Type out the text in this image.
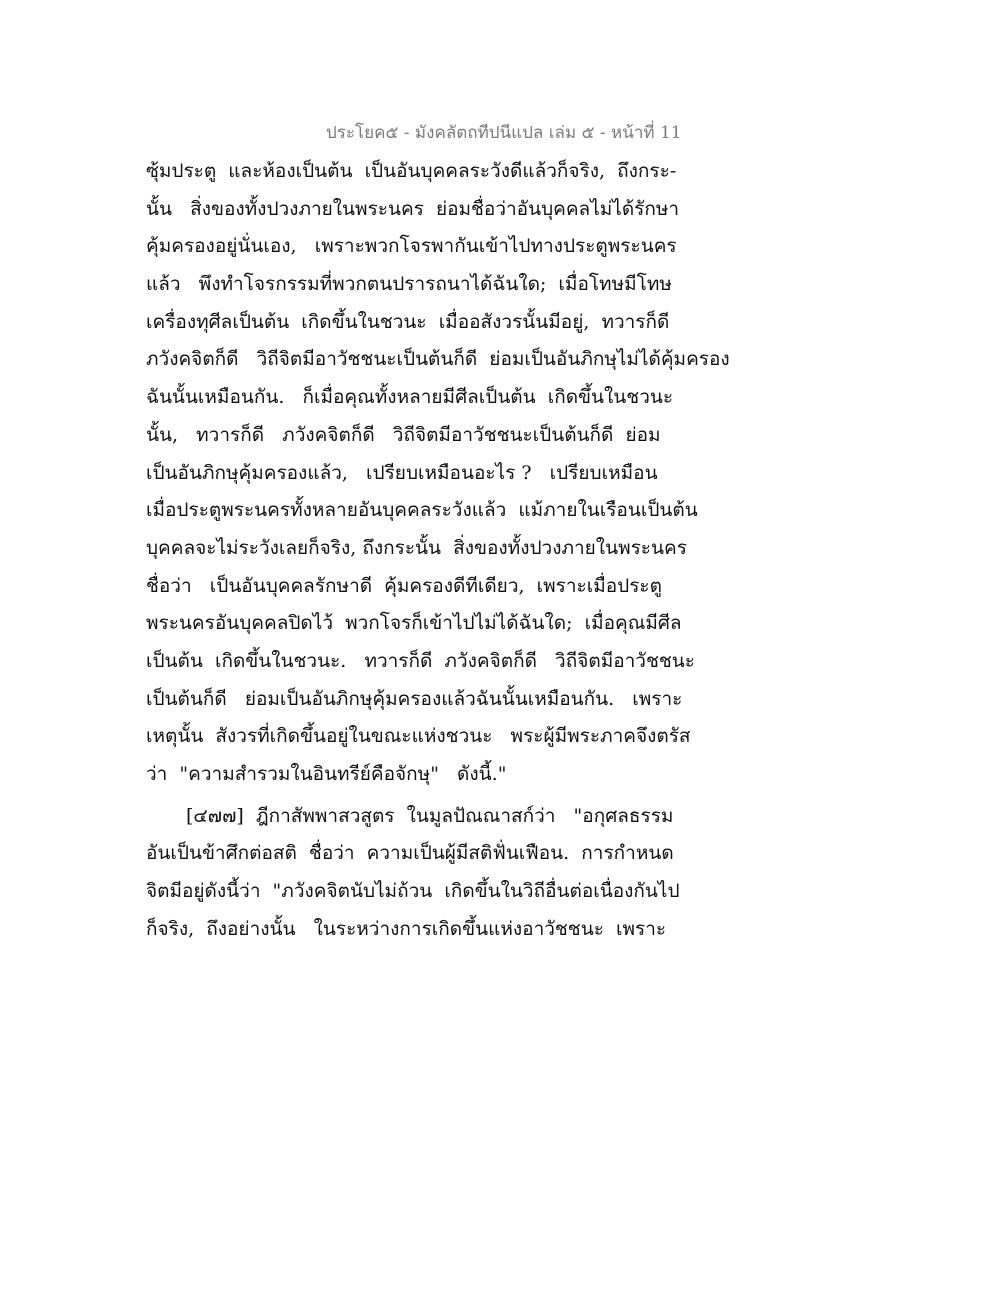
ประโยค๕ - มังคลัตถทีปนีแปล เล่ม ๕ - หน้าที่ 11
ซุ้มประตู  และห้องเป็นต้น  เป็นอันบุคคลระวังดีแล้วก็จริง,  ถึงกระ-
นั้น   สิ่งของทั้งปวงภายในพระนคร  ย่อมชื่อว่าอันบุคคลไม่ได้รักษา
คุ้มครองอยู่นั่นเอง,   เพราะพวกโจรพากันเข้าไปทางประตูพระนคร
แล้ว   พึงทำโจรกรรมที่พวกตนปรารถนาได้ฉันใด;  เมื่อโทษมีโทษ
เครื่องทุศีลเป็นต้น  เกิดขึ้นในชวนะ  เมื่ออสังวรนั้นมีอยู่,  ทวารก็ดี
ภวังคจิตก็ดี   วิถีจิตมีอาวัชชนะเป็นต้นก็ดี  ย่อมเป็นอันภิกษุไม่ได้คุ้มครอง
ฉันนั้นเหมือนกัน.   ก็เมื่อคุณทั้งหลายมีศีลเป็นต้น  เกิดขึ้นในชวนะ
นั้น,   ทวารก็ดี   ภวังคจิตก็ดี   วิถีจิตมีอาวัชชนะเป็นต้นก็ดี  ย่อม
เป็นอันภิกษุคุ้มครองแล้ว,   เปรียบเหมือนอะไร ?   เปรียบเหมือน
เมื่อประตูพระนครทั้งหลายอันบุคคลระวังแล้ว  แม้ภายในเรือนเป็นต้น
บุคคลจะไม่ระวังเลยก็จริง, ถึงกระนั้น  สิ่งของทั้งปวงภายในพระนคร
ชื่อว่า   เป็นอันบุคคลรักษาดี  คุ้มครองดีทีเดียว,  เพราะเมื่อประตู
พระนครอันบุคคลปิดไว้  พวกโจรก็เข้าไปไม่ได้ฉันใด;  เมื่อคุณมีศีล
เป็นต้น  เกิดขึ้นในชวนะ.   ทวารก็ดี  ภวังคจิตก็ดี   วิถีจิตมีอาวัชชนะ
เป็นต้นก็ดี   ย่อมเป็นอันภิกษุคุ้มครองแล้วฉันนั้นเหมือนกัน.   เพราะ
เหตุนั้น  สังวรที่เกิดขึ้นอยู่ในขณะแห่งชวนะ   พระผู้มีพระภาคจึงตรัส
ว่า  "ความสำรวมในอินทรีย์คือจักษุ"   ดังนี้."
[๔๗๗]  ฎีกาสัพพาสวสูตร  ในมูลปัณณาสก์ว่า   "อกุศลธรรม
อันเป็นข้าศึกต่อสติ  ชื่อว่า  ความเป็นผู้มีสติฟั่นเฟือน.  การกำหนด
จิตมีอยู่ดังนี้ว่า  "ภวังคจิตนับไม่ถ้วน  เกิดขึ้นในวิถีอื่นต่อเนื่องกันไป
ก็จริง,  ถึงอย่างนั้น   ในระหว่างการเกิดขึ้นแห่งอาวัชชนะ  เพราะ
